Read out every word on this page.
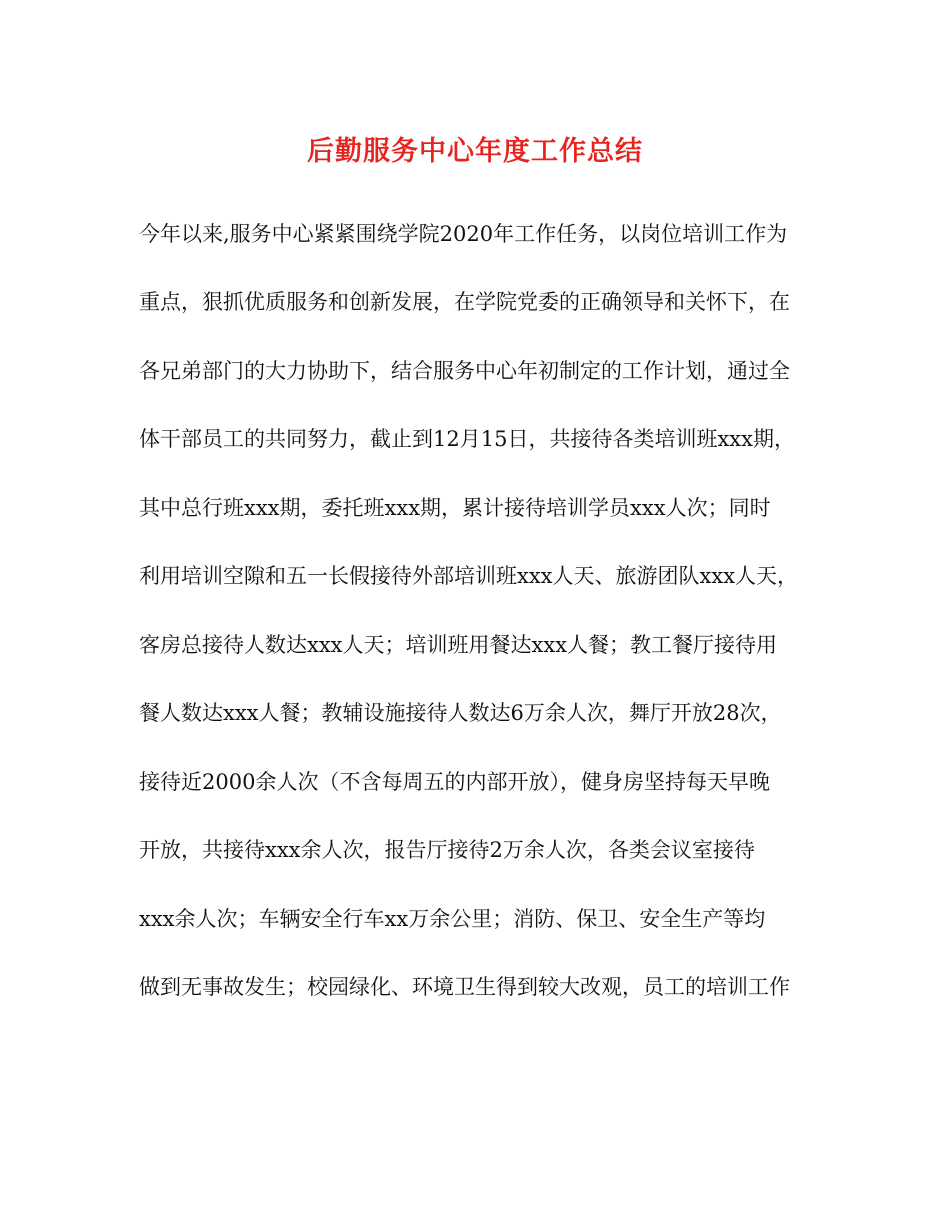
后勤服务中心年度工作总结
今年以来,服务中心紧紧围绕学院2020年工作任务，以岗位培训工作为
重点，狠抓优质服务和创新发展，在学院党委的正确领导和关怀下，在
各兄弟部门的大力协助下，结合服务中心年初制定的工作计划，通过全
体干部员工的共同努力，截止到12月15日，共接待各类培训班xxx期，
其中总行班xxx期，委托班xxx期，累计接待培训学员xxx人次；同时
利用培训空隙和五一长假接待外部培训班xxx人天、旅游团队xxx人天，
客房总接待人数达xxx人天；培训班用餐达xxx人餐；教工餐厅接待用
餐人数达xxx人餐；教辅设施接待人数达6万余人次，舞厅开放28次，
接待近2000余人次（不含每周五的内部开放），健身房坚持每天早晚
开放，共接待xxx余人次，报告厅接待2万余人次，各类会议室接待
xxx余人次；车辆安全行车xx万余公里；消防、保卫、安全生产等均
做到无事故发生；校园绿化、环境卫生得到较大改观，员工的培训工作
